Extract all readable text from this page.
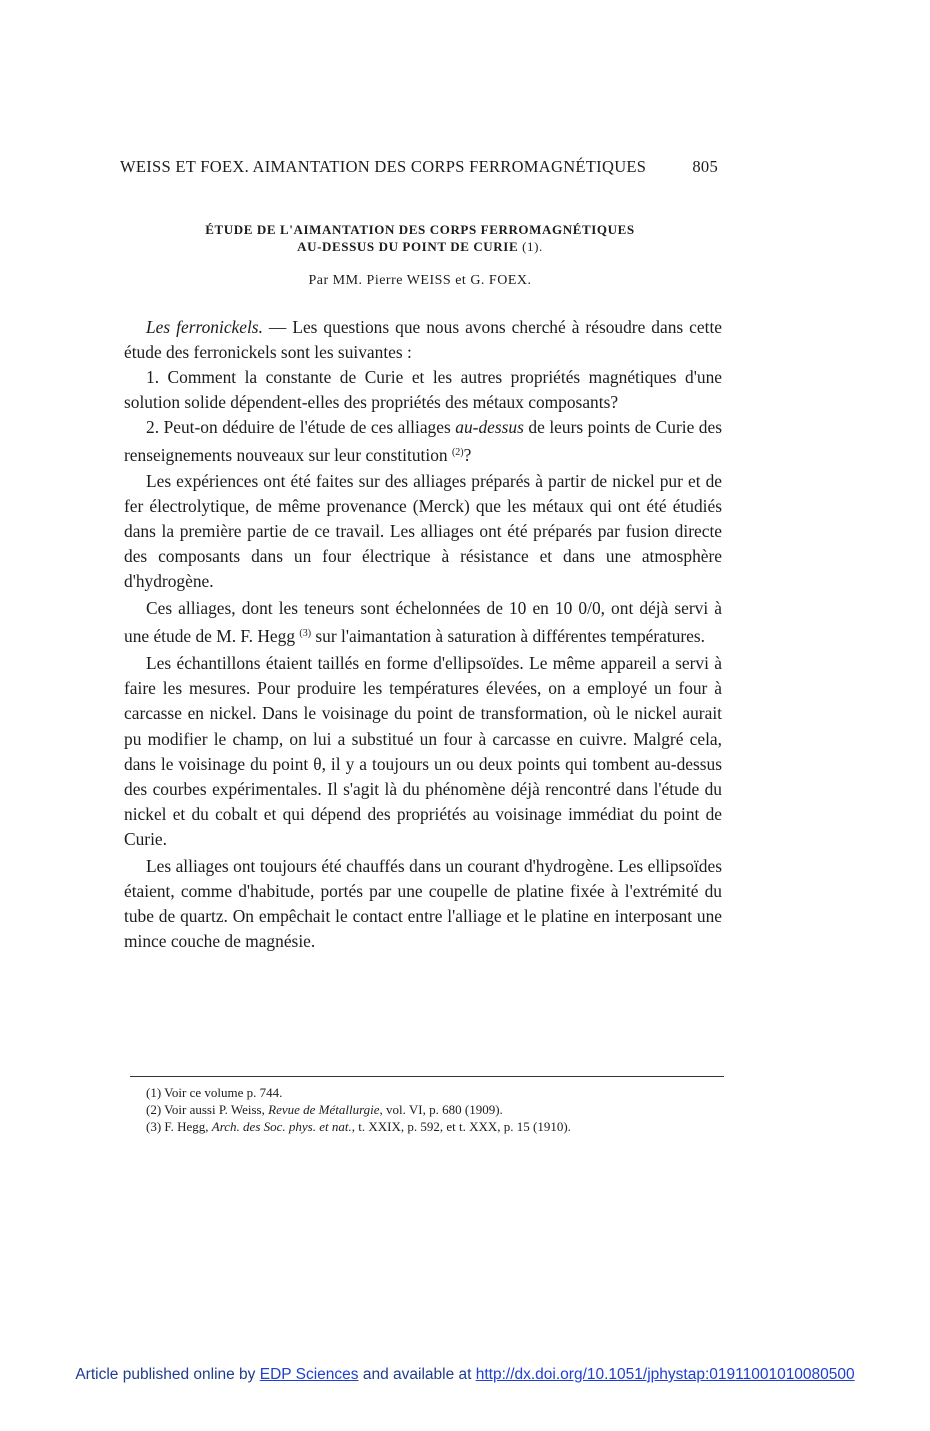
WEISS ET FOEX. AIMANTATION DES CORPS FERROMAGNÉTIQUES	805
ÉTUDE DE L'AIMANTATION DES CORPS FERROMAGNÉTIQUES
AU-DESSUS DU POINT DE CURIE (1).
Par MM. Pierre WEISS et G. FOEX.

Les ferronickels. — Les questions que nous avons cherché à résoudre dans cette étude des ferronickels sont les suivantes :

1. Comment la constante de Curie et les autres propriétés magnétiques d'une solution solide dépendent-elles des propriétés des métaux composants?

2. Peut-on déduire de l'étude de ces alliages au-dessus de leurs points de Curie des renseignements nouveaux sur leur constitution $^{(2)}$?

Les expériences ont été faites sur des alliages préparés à partir de nickel pur et de fer électrolytique, de même provenance (Merck) que les métaux qui ont été étudiés dans la première partie de ce travail. Les alliages ont été préparés par fusion directe des composants dans un four électrique à résistance et dans une atmosphère d'hydrogène.

Ces alliages, dont les teneurs sont échelonnées de 10 en 10 0/0, ont déjà servi à une étude de M. F. Hegg $^{(3)}$ sur l'aimantation à saturation à différentes températures.

Les échantillons étaient taillés en forme d'ellipsoïdes. Le même appareil a servi à faire les mesures. Pour produire les températures élevées, on a employé un four à carcasse en nickel. Dans le voisinage du point de transformation, où le nickel aurait pu modifier le champ, on lui a substitué un four à carcasse en cuivre. Malgré cela, dans le voisinage du point θ, il y a toujours un ou deux points qui tombent au-dessus des courbes expérimentales. Il s'agit là du phénomène déjà rencontré dans l'étude du nickel et du cobalt et qui dépend des propriétés au voisinage immédiat du point de Curie.

Les alliages ont toujours été chauffés dans un courant d'hydrogène. Les ellipsoïdes étaient, comme d'habitude, portés par une coupelle de platine fixée à l'extrémité du tube de quartz. On empêchait le contact entre l'alliage et le platine en interposant une mince couche de magnésie.

(1) Voir ce volume p. 744.

(2) Voir aussi P. Weiss, Revue de Métallurgie, vol. VI, p. 680 (1909).

(3) F. Hegg, Arch. des Soc. phys. et nat., t. XXIX, p. 592, et t. XXX, p. 15 (1910).

Article published online by EDP Sciences and available at http://dx.doi.org/10.1051/jphystap:01911001010080500
